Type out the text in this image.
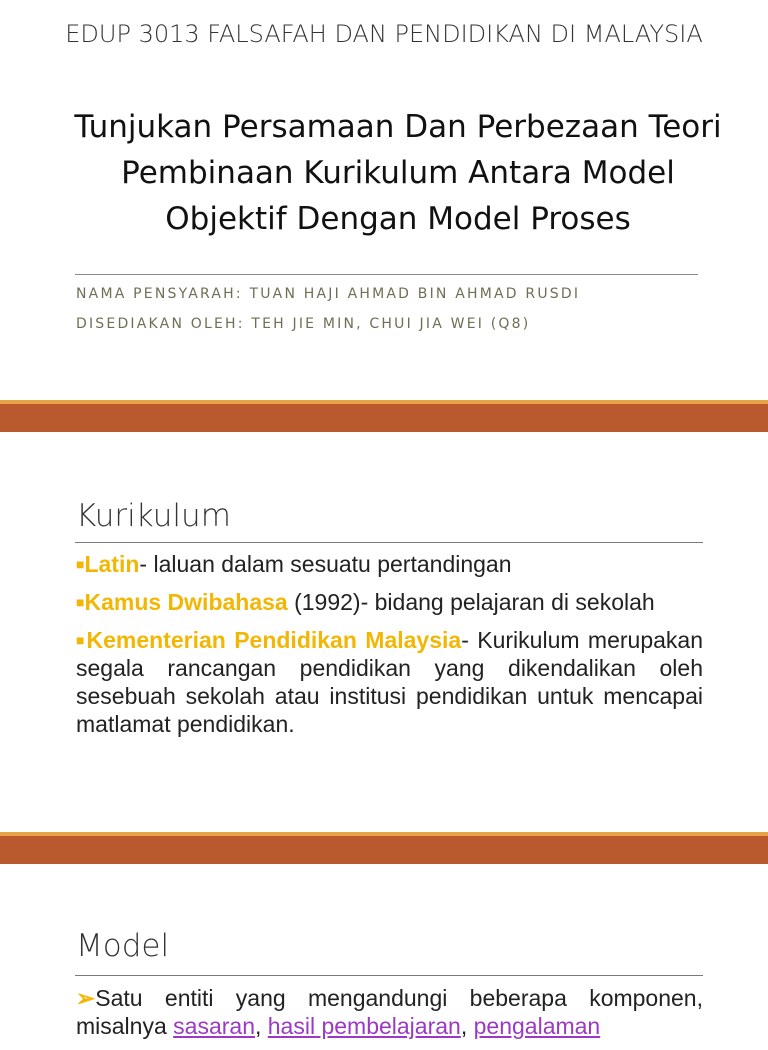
EDUP 3013 FALSAFAH DAN PENDIDIKAN DI MALAYSIA
Tunjukan Persamaan Dan Perbezaan Teori Pembinaan Kurikulum Antara Model Objektif Dengan Model Proses
NAMA PENSYARAH: TUAN HAJI AHMAD BIN AHMAD RUSDI
DISEDIAKAN OLEH: TEH JIE MIN, CHUI JIA WEI (Q8)
Kurikulum

■Latin- laluan dalam sesuatu pertandingan

■Kamus Dwibahasa (1992)- bidang pelajaran di sekolah

■Kementerian Pendidikan Malaysia- Kurikulum merupakan segala rancangan pendidikan yang dikendalikan oleh sesebuah sekolah atau institusi pendidikan untuk mencapai matlamat pendidikan.

Model

➢Satu entiti yang mengandungi beberapa komponen, misalnya sasaran, hasil pembelajaran, pengalaman
